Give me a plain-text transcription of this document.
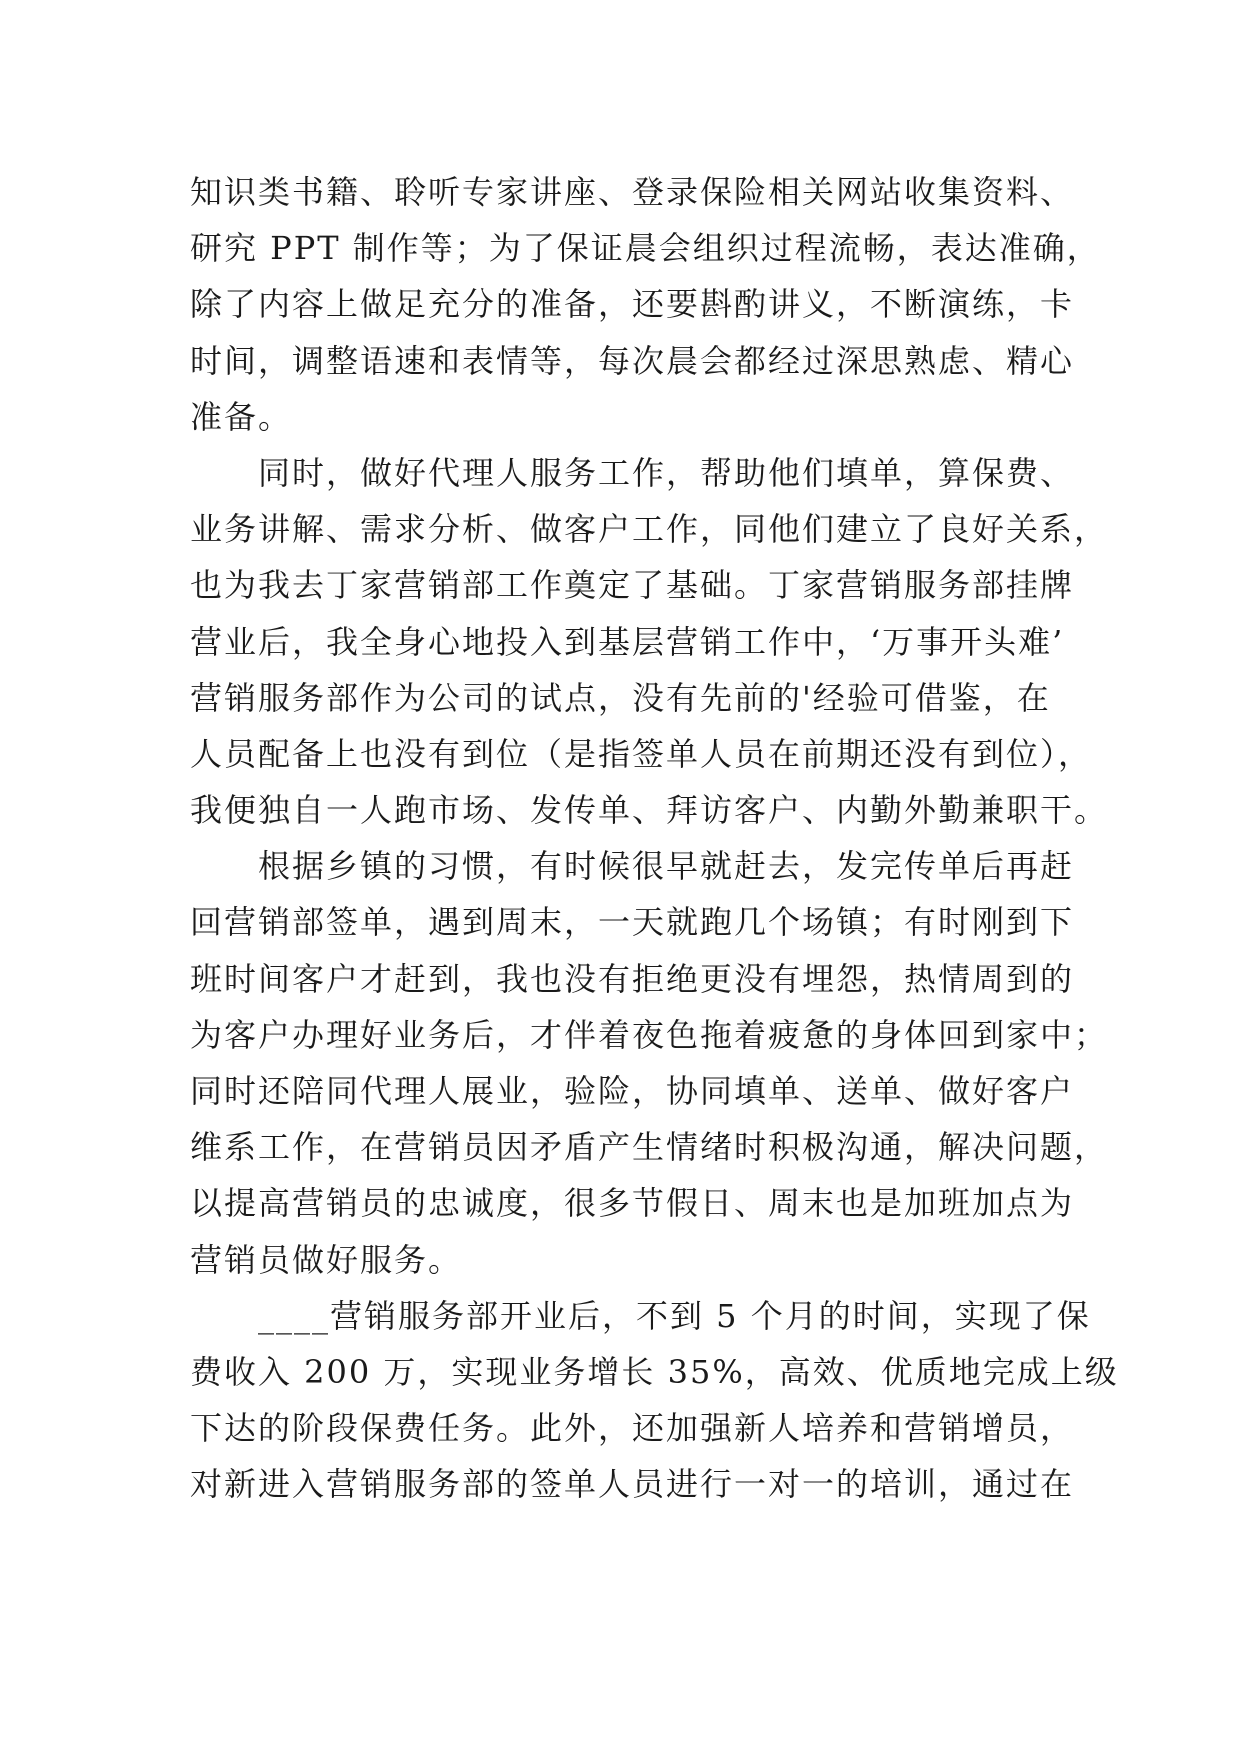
知识类书籍、聆听专家讲座、登录保险相关网站收集资料、

研究 PPT 制作等；为了保证晨会组织过程流畅，表达准确，

除了内容上做足充分的准备，还要斟酌讲义，不断演练，卡

时间，调整语速和表情等，每次晨会都经过深思熟虑、精心

准备。

　　同时，做好代理人服务工作，帮助他们填单，算保费、

业务讲解、需求分析、做客户工作，同他们建立了良好关系，

也为我去丁家营销部工作奠定了基础。丁家营销服务部挂牌

营业后，我全身心地投入到基层营销工作中，‘万事开头难’

营销服务部作为公司的试点，没有先前的'经验可借鉴，在

人员配备上也没有到位（是指签单人员在前期还没有到位），

我便独自一人跑市场、发传单、拜访客户、内勤外勤兼职干。

　　根据乡镇的习惯，有时候很早就赶去，发完传单后再赶

回营销部签单，遇到周末，一天就跑几个场镇；有时刚到下

班时间客户才赶到，我也没有拒绝更没有埋怨，热情周到的

为客户办理好业务后，才伴着夜色拖着疲惫的身体回到家中；

同时还陪同代理人展业，验险，协同填单、送单、做好客户

维系工作，在营销员因矛盾产生情绪时积极沟通，解决问题，

以提高营销员的忠诚度，很多节假日、周末也是加班加点为

营销员做好服务。

　　____营销服务部开业后，不到 5 个月的时间，实现了保

费收入 200 万，实现业务增长 35%，高效、优质地完成上级

下达的阶段保费任务。此外，还加强新人培养和营销增员，

对新进入营销服务部的签单人员进行一对一的培训，通过在
